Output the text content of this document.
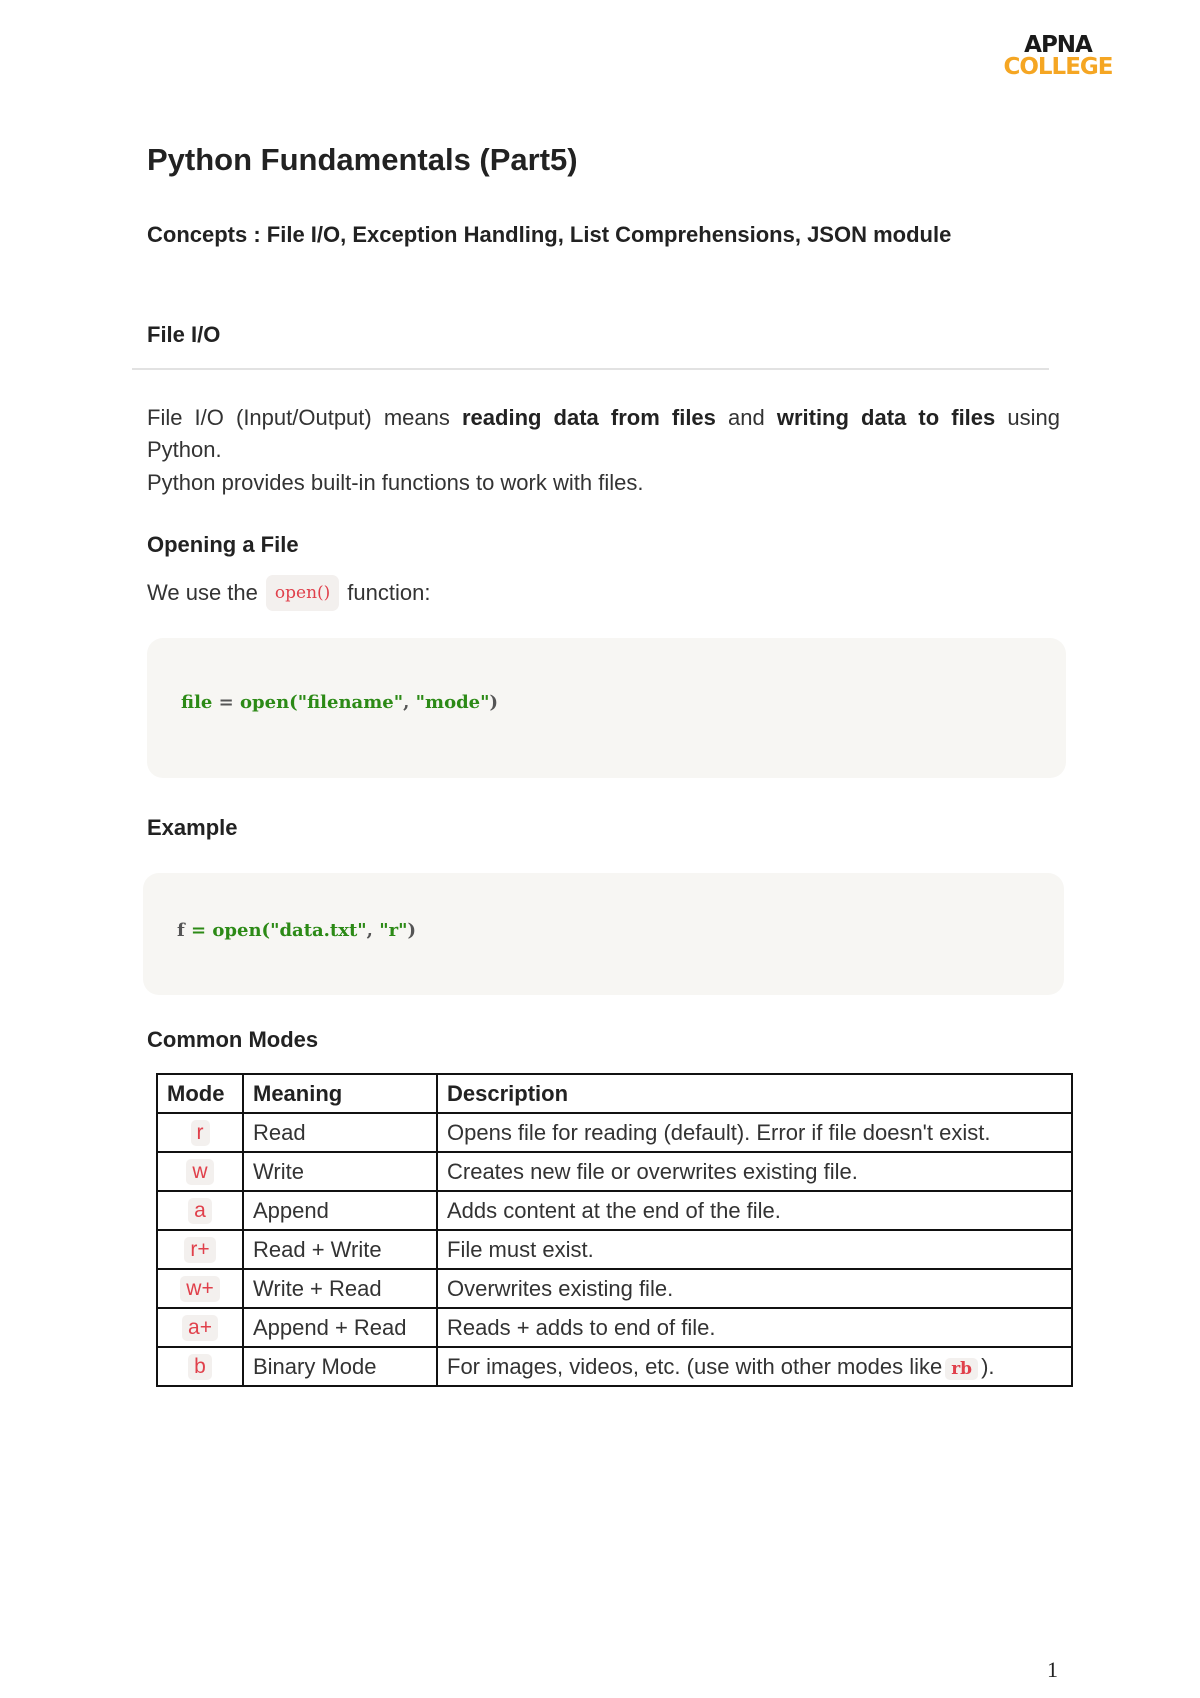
APNA
COLLEGE
Python Fundamentals (Part5)
Concepts : File I/O, Exception Handling, List Comprehensions, JSON module
File I/O

File I/O (Input/Output) means reading data from files and writing data to files using Python.

Python provides built-in functions to work with files.

Opening a File

We use the open() function:

file = open("filename", "mode")
Example
f = open("data.txt", "r")
Common Modes
Mode	Meaning	Description
r	Read	Opens file for reading (default). Error if file doesn't exist.
w	Write	Creates new file or overwrites existing file.
a	Append	Adds content at the end of the file.
r+	Read + Write	File must exist.
w+	Write + Read	Overwrites existing file.
a+	Append + Read	Reads + adds to end of file.
b	Binary Mode	For images, videos, etc. (use with other modes like rb ).
1
